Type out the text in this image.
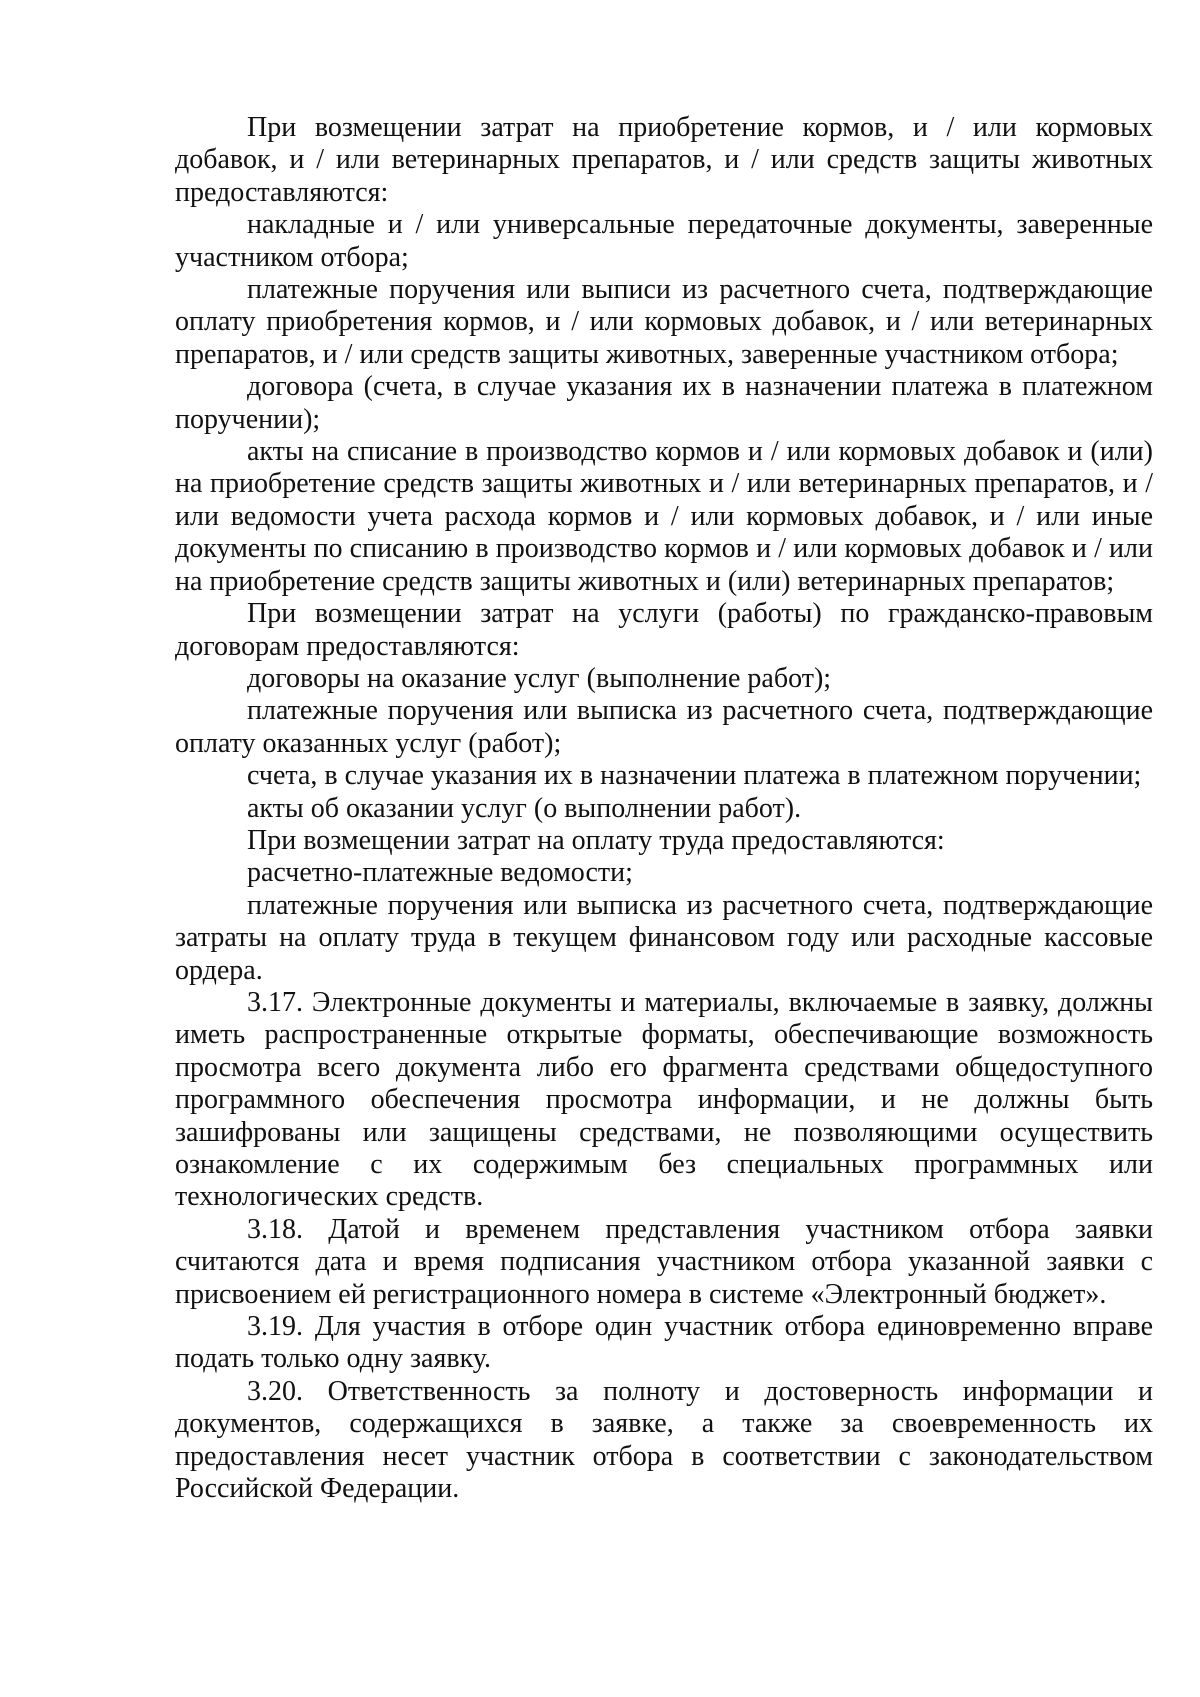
При возмещении затрат на приобретение кормов, и / или кормовых добавок, и / или ветеринарных препаратов, и / или средств защиты животных предоставляются:

накладные и / или универсальные передаточные документы, заверенные участником отбора;

платежные поручения или выписи из расчетного счета, подтверждающие оплату приобретения кормов, и / или кормовых добавок, и / или ветеринарных препаратов, и / или средств защиты животных, заверенные участником отбора;

договора (счета, в случае указания их в назначении платежа в платежном поручении);

акты на списание в производство кормов и / или кормовых добавок и (или) на приобретение средств защиты животных и / или ветеринарных препаратов, и / или ведомости учета расхода кормов и / или кормовых добавок, и / или иные документы по списанию в производство кормов и / или кормовых добавок и / или на приобретение средств защиты животных и (или) ветеринарных препаратов;

При возмещении затрат на услуги (работы) по гражданско-правовым договорам предоставляются:

договоры на оказание услуг (выполнение работ);

платежные поручения или выписка из расчетного счета, подтверждающие оплату оказанных услуг (работ);

счета, в случае указания их в назначении платежа в платежном поручении;

акты об оказании услуг (о выполнении работ).

При возмещении затрат на оплату труда предоставляются:

расчетно-платежные ведомости;

платежные поручения или выписка из расчетного счета, подтверждающие затраты на оплату труда в текущем финансовом году или расходные кассовые ордера.

3.17. Электронные документы и материалы, включаемые в заявку, должны иметь распространенные открытые форматы, обеспечивающие возможность просмотра всего документа либо его фрагмента средствами общедоступного программного обеспечения просмотра информации, и не должны быть зашифрованы или защищены средствами, не позволяющими осуществить ознакомление с их содержимым без специальных программных или технологических средств.

3.18. Датой и временем представления участником отбора заявки считаются дата и время подписания участником отбора указанной заявки с присвоением ей регистрационного номера в системе «Электронный бюджет».

3.19. Для участия в отборе один участник отбора единовременно вправе подать только одну заявку.

3.20. Ответственность за полноту и достоверность информации и документов, содержащихся в заявке, а также за своевременность их предоставления несет участник отбора в соответствии с законодательством Российской Федерации.
